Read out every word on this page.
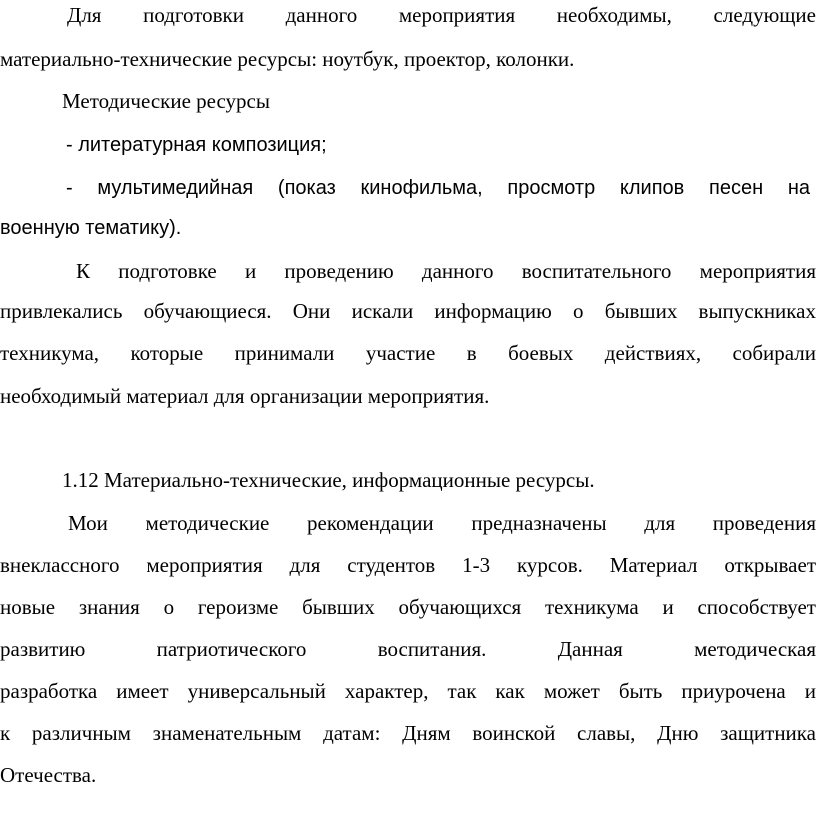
Для подготовки данного мероприятия необходимы, следующие
материально-технические ресурсы: ноутбук, проектор, колонки.
Методические ресурсы
- литературная композиция;
- мультимедийная (показ кинофильма, просмотр клипов песен на
военную тематику).
К подготовке и проведению данного воспитательного мероприятия
привлекались обучающиеся. Они искали информацию о бывших выпускниках
техникума, которые принимали участие в боевых действиях, собирали
необходимый материал для организации мероприятия.
1.12 Материально-технические, информационные ресурсы.
Мои методические рекомендации предназначены для проведения
внеклассного мероприятия для студентов 1-3 курсов. Материал открывает
новые знания о героизме бывших обучающихся техникума и способствует
развитию патриотического воспитания. Данная методическая
разработка имеет универсальный характер, так как может быть приурочена и
к различным знаменательным датам: Дням воинской славы, Дню защитника
Отечества.
